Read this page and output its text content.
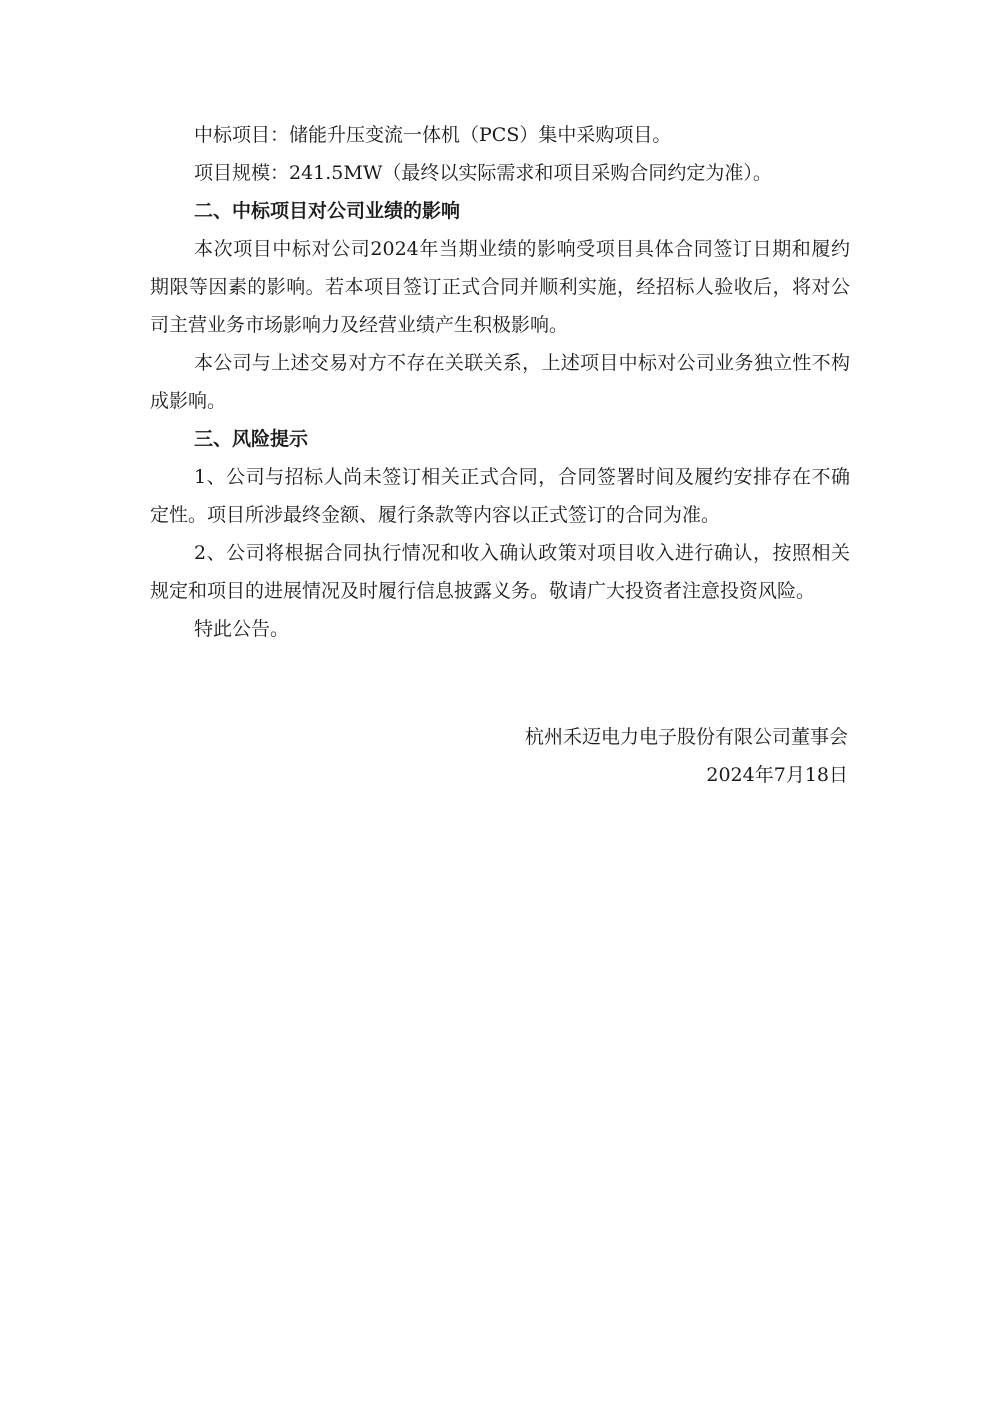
中标项目：储能升压变流一体机（PCS）集中采购项目。

项目规模：241.5MW（最终以实际需求和项目采购合同约定为准）。

二、中标项目对公司业绩的影响

本次项目中标对公司2024年当期业绩的影响受项目具体合同签订日期和履约期限等因素的影响。若本项目签订正式合同并顺利实施，经招标人验收后，将对公司主营业务市场影响力及经营业绩产生积极影响。

本公司与上述交易对方不存在关联关系，上述项目中标对公司业务独立性不构成影响。

三、风险提示

1、公司与招标人尚未签订相关正式合同，合同签署时间及履约安排存在不确定性。项目所涉最终金额、履行条款等内容以正式签订的合同为准。

2、公司将根据合同执行情况和收入确认政策对项目收入进行确认，按照相关规定和项目的进展情况及时履行信息披露义务。敬请广大投资者注意投资风险。

特此公告。

杭州禾迈电力电子股份有限公司董事会
2024年7月18日
